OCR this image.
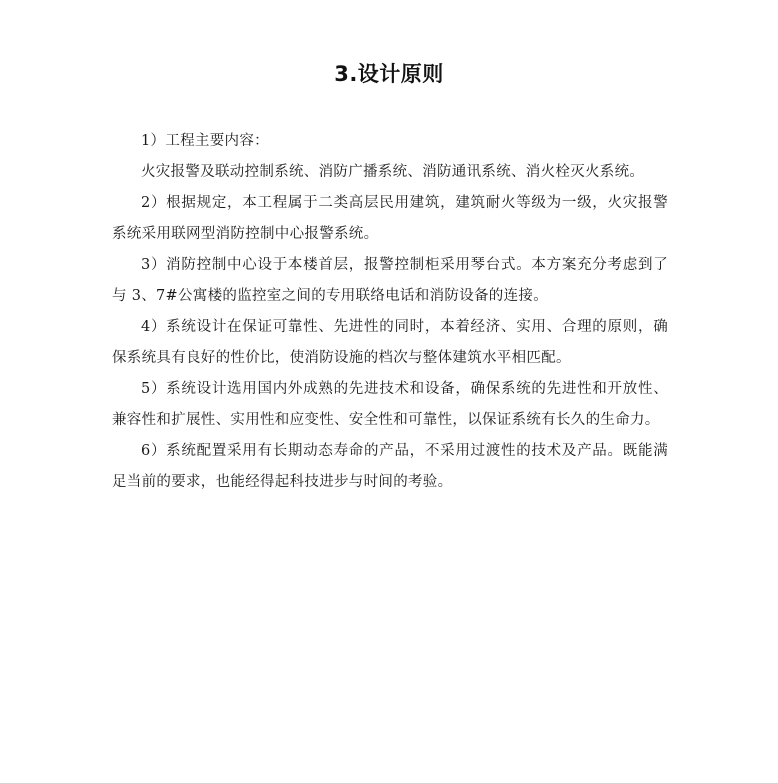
3.设计原则

1）工程主要内容：

火灾报警及联动控制系统、消防广播系统、消防通讯系统、消火栓灭火系统。

2）根据规定，本工程属于二类高层民用建筑，建筑耐火等级为一级，火灾报警系统采用联网型消防控制中心报警系统。

3）消防控制中心设于本楼首层，报警控制柜采用琴台式。本方案充分考虑到了与 3、7#公寓楼的监控室之间的专用联络电话和消防设备的连接。

4）系统设计在保证可靠性、先进性的同时，本着经济、实用、合理的原则，确保系统具有良好的性价比，使消防设施的档次与整体建筑水平相匹配。

5）系统设计选用国内外成熟的先进技术和设备，确保系统的先进性和开放性、兼容性和扩展性、实用性和应变性、安全性和可靠性，以保证系统有长久的生命力。

6）系统配置采用有长期动态寿命的产品，不采用过渡性的技术及产品。既能满足当前的要求，也能经得起科技进步与时间的考验。
